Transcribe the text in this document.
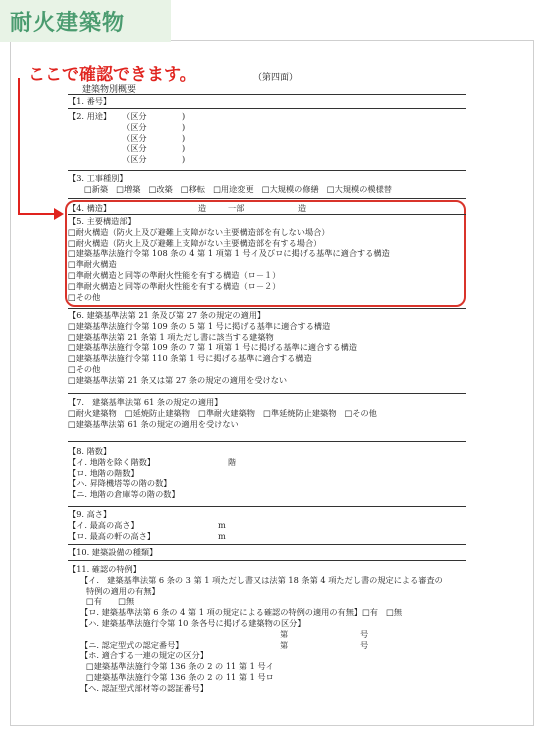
耐火建築物
ここで確認できます。	（第四面）
建築物別概要
【1. 番号】
【2. 用途】 （区分	)
（区分	)
（区分	)
（区分	)
（区分	)
【3. 工事種別】
□新築　□増築　□改築　□移転　□用途変更　□大規模の修繕　□大規模の模様替
【4. 構造】	造	一部	造
【5. 主要構造部】
□耐火構造（防火上及び避難上支障がない主要構造部を有しない場合）
□耐火構造（防火上及び避難上支障がない主要構造部を有する場合）
□建築基準法施行令第 108 条の 4 第 1 項第 1 号イ及びロに掲げる基準に適合する構造
□準耐火構造
□準耐火構造と同等の準耐火性能を有する構造（ロ－１）
□準耐火構造と同等の準耐火性能を有する構造（ロ－２）
□その他
【6. 建築基準法第 21 条及び第 27 条の規定の適用】
□建築基準法施行令第 109 条の 5 第 1 号に掲げる基準に適合する構造
□建築基準法第 21 条第 1 項ただし書に該当する建築物
□建築基準法施行令第 109 条の 7 第 1 項第 1 号に掲げる基準に適合する構造
□建築基準法施行令第 110 条第 1 号に掲げる基準に適合する構造
□その他
□建築基準法第 21 条又は第 27 条の規定の適用を受けない
【7.　建築基準法第 61 条の規定の適用】
□耐火建築物　□延焼防止建築物　□準耐火建築物　□準延焼防止建築物　□その他
□建築基準法第 61 条の規定の適用を受けない
【8. 階数】
【イ. 地階を除く階数】	階
【ロ. 地階の階数】
【ハ. 昇降機塔等の階の数】
【ニ. 地階の倉庫等の階の数】
【9. 高さ】
【イ. 最高の高さ】	m
【ロ. 最高の軒の高さ】	m
【10. 建築設備の種類】
【11. 確認の特例】
【イ.　建築基準法第 6 条の 3 第 1 項ただし書又は法第 18 条第 4 項ただし書の規定による審査の
特例の適用の有無】
□有　　□無
【ロ. 建築基準法第 6 条の 4 第 1 項の規定による確認の特例の適用の有無】□有　□無
【ハ. 建築基準法施行令第 10 条各号に掲げる建築物の区分】
第	号
【ニ. 認定型式の認定番号】	第	号
【ホ. 適合する一連の規定の区分】
□建築基準法施行令第 136 条の 2 の 11 第 1 号イ
□建築基準法施行令第 136 条の 2 の 11 第 1 号ロ
【ヘ. 認証型式部材等の認証番号】
